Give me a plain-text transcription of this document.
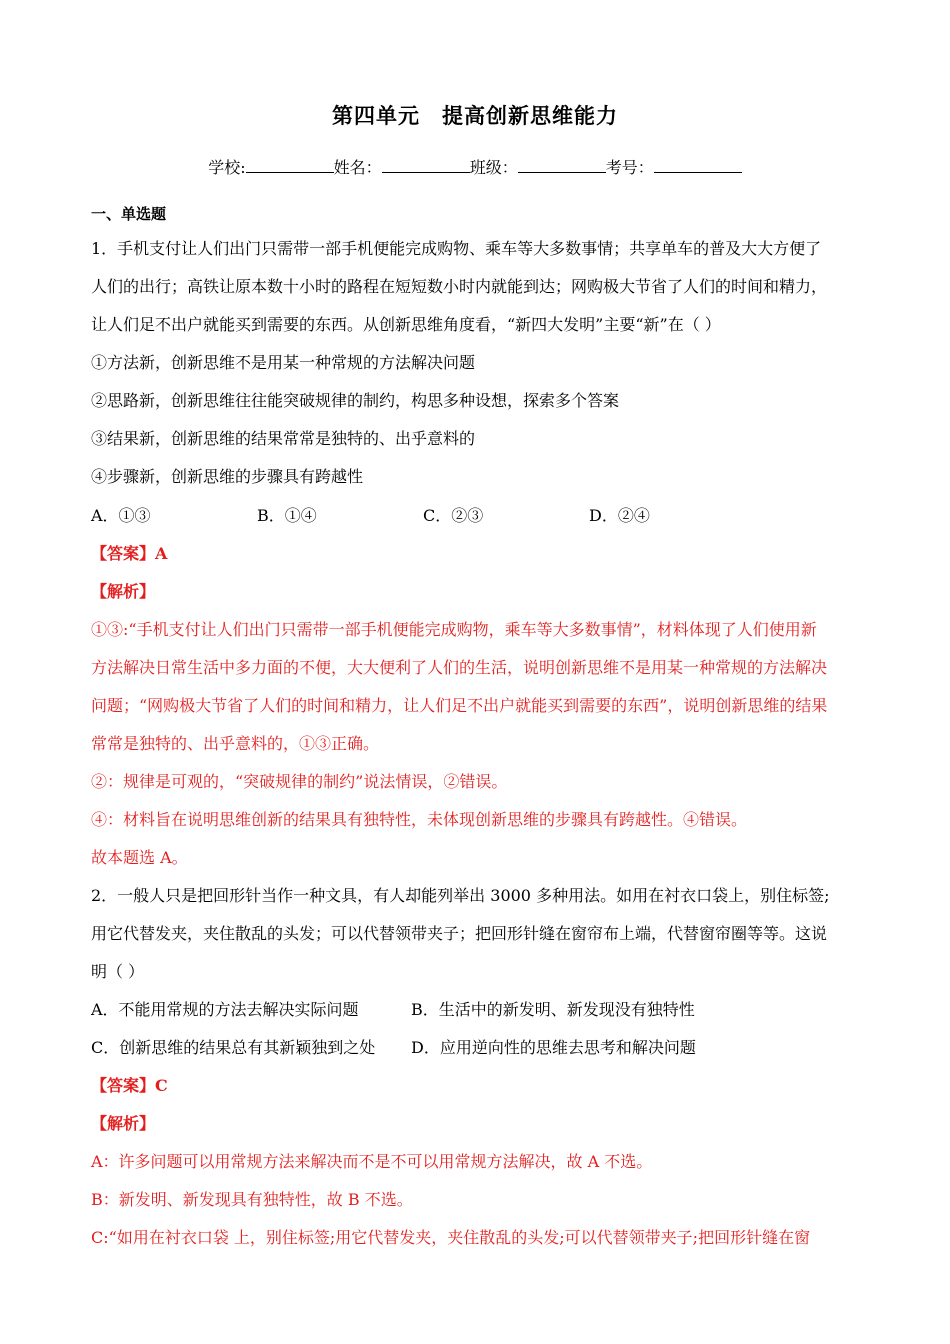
第四单元 提高创新思维能力
学校:	姓名：	班级：	考号：
一、单选题
1．手机支付让人们出门只需带一部手机便能完成购物、乘车等大多数事情；共享单车的普及大大方便了
人们的出行；高铁让原本数十小时的路程在短短数小时内就能到达；网购极大节省了人们的时间和精力，
让人们足不出户就能买到需要的东西。从创新思维角度看，“新四大发明”主要“新”在（ ）
①方法新，创新思维不是用某一种常规的方法解决问题
②思路新，创新思维往往能突破规律的制约，构思多种设想，探索多个答案
③结果新，创新思维的结果常常是独特的、出乎意料的
④步骤新，创新思维的步骤具有跨越性
A．①③	B．①④	C．②③	D．②④
【答案】A
【解析】
①③:“手机支付让人们出门只需带一部手机便能完成购物，乘车等大多数事情”，材料体现了人们使用新
方法解决日常生活中多力面的不便，大大便利了人们的生活，说明创新思维不是用某一种常规的方法解决
问题；“网购极大节省了人们的时间和精力，让人们足不出户就能买到需要的东西”，说明创新思维的结果
常常是独特的、出乎意料的，①③正确。
②：规律是可观的，“突破规律的制约”说法情误，②错误。
④：材料旨在说明思维创新的结果具有独特性，未体现创新思维的步骤具有跨越性。④错误。
故本题选 A。
2．一般人只是把回形针当作一种文具，有人却能列举出 3000 多种用法。如用在衬衣口袋上，别住标签;
用它代替发夹，夹住散乱的头发；可以代替领带夹子；把回形针缝在窗帘布上端，代替窗帘圈等等。这说
明（ ）
A．不能用常规的方法去解决实际问题	B．生活中的新发明、新发现没有独特性
C．创新思维的结果总有其新颖独到之处 D．应用逆向性的思维去思考和解决问题
【答案】C
【解析】
A：许多问题可以用常规方法来解决而不是不可以用常规方法解决，故 A 不选。
B：新发明、新发现具有独特性，故 B 不选。
C:“如用在衬衣口袋 上，别住标签;用它代替发夹，夹住散乱的头发;可以代替领带夹子;把回形针缝在窗
